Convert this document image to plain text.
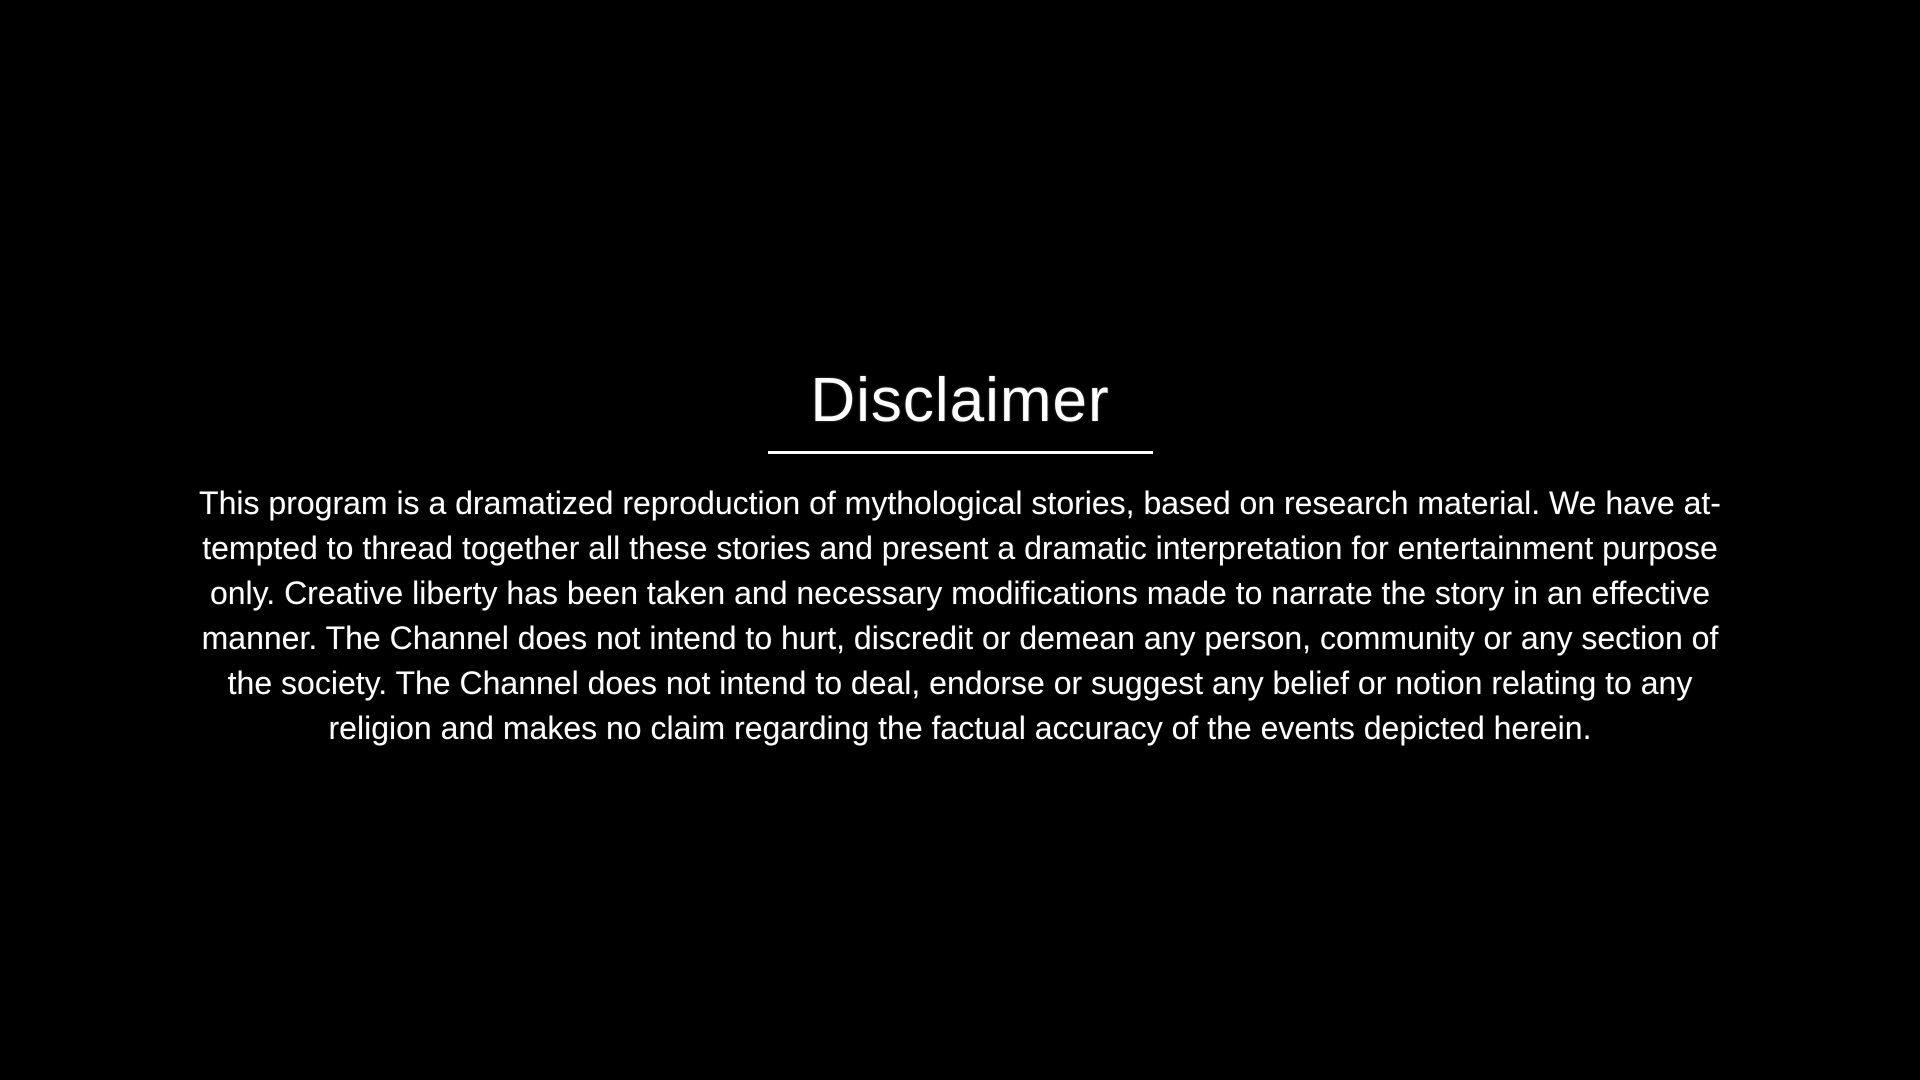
Disclaimer
This program is a dramatized reproduction of mythological stories, based on research material. We have at-
tempted to thread together all these stories and present a dramatic interpretation for entertainment purpose
only. Creative liberty has been taken and necessary modifications made to narrate the story in an effective
manner. The Channel does not intend to hurt, discredit or demean any person, community or any section of
the society. The Channel does not intend to deal, endorse or suggest any belief or notion relating to any
religion and makes no claim regarding the factual accuracy of the events depicted herein.
